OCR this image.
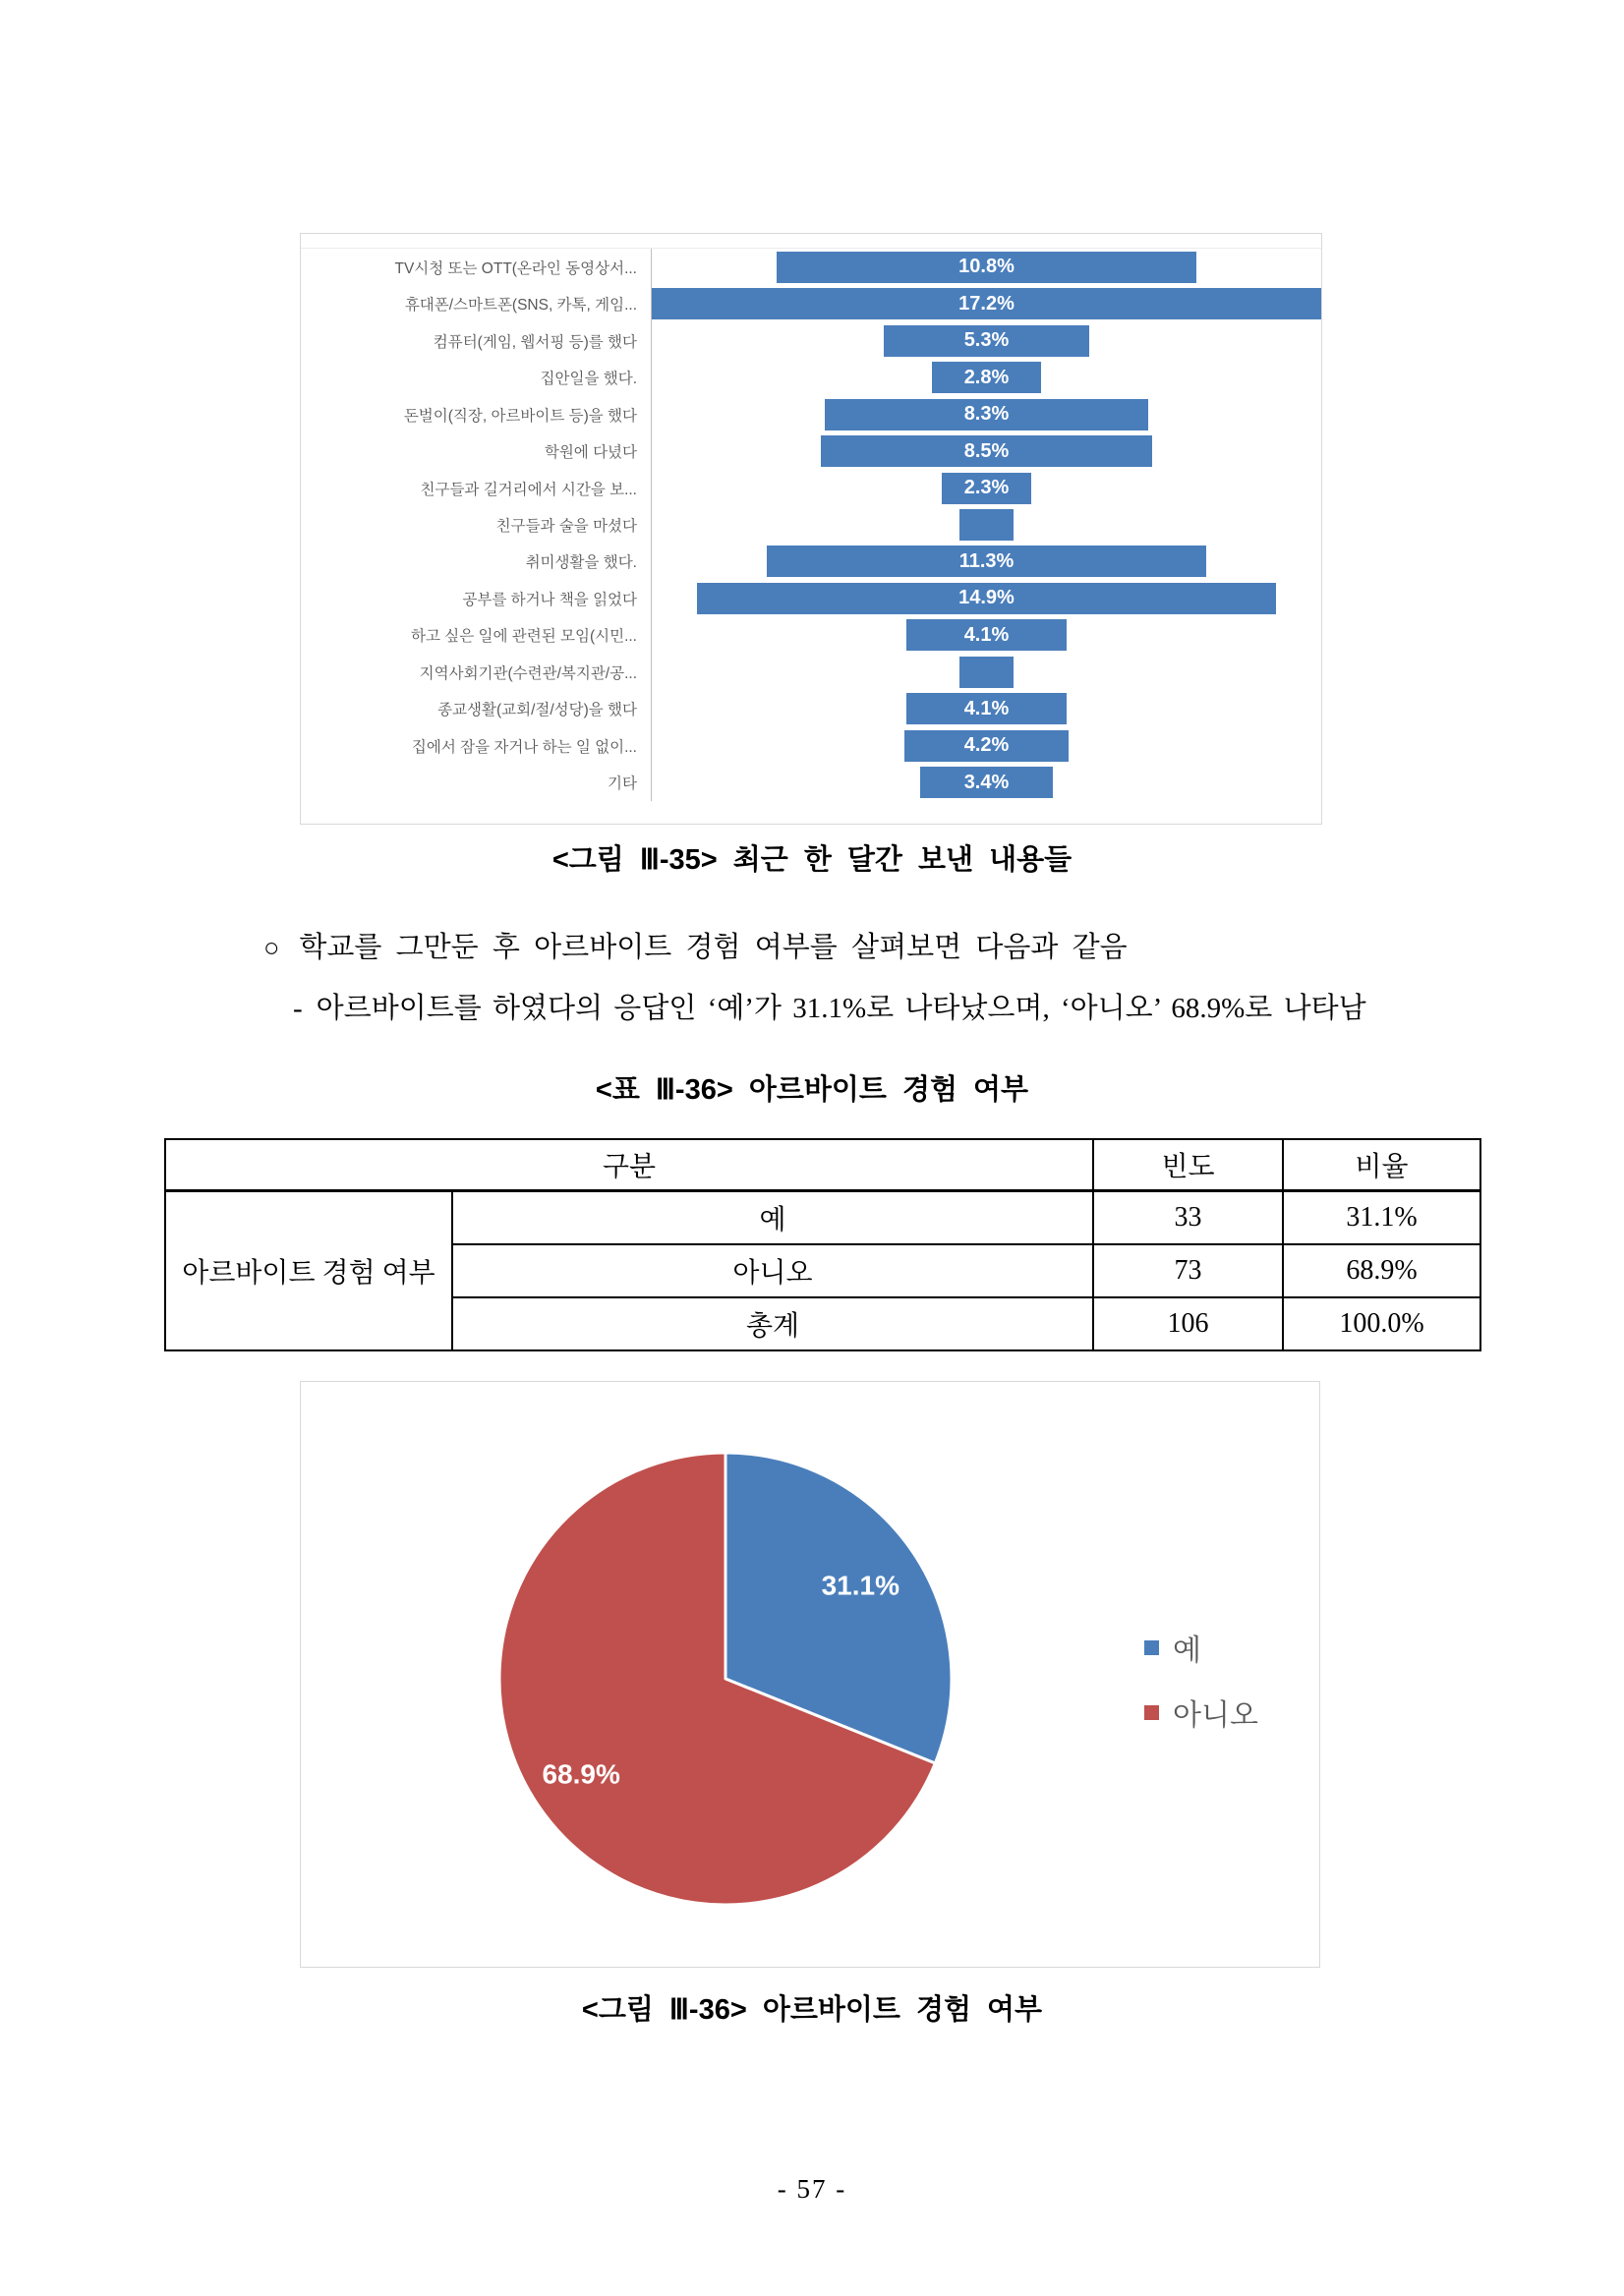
TV시청 또는 OTT(온라인 동영상서...	10.8%
휴대폰/스마트폰(SNS, 카톡, 게임...	17.2%
컴퓨터(게임, 웹서핑 등)를 했다	5.3%
집안일을 했다.	2.8%
돈벌이(직장, 아르바이트 등)을 했다	8.3%
학원에 다녔다	8.5%
친구들과 길거리에서 시간을 보...	2.3%
친구들과 술을 마셨다
취미생활을 했다.	11.3%
공부를 하거나 책을 읽었다	14.9%
하고 싶은 일에 관련된 모임(시민...	4.1%
지역사회기관(수련관/복지관/공...
종교생활(교회/절/성당)을 했다	4.1%
집에서 잠을 자거나 하는 일 없이...	4.2%
기타	3.4%
<그림 Ⅲ-35> 최근 한 달간 보낸 내용들
○ 학교를 그만둔 후 아르바이트 경험 여부를 살펴보면 다음과 같음
- 아르바이트를 하였다의 응답인 ‘예’가 31.1%로 나타났으며, ‘아니오’ 68.9%로 나타남
<표 Ⅲ-36> 아르바이트 경험 여부
구분		빈도	비율
아르바이트 경험 여부	예	33	31.1%
	아니오	73	68.9%
	총계	106	100.0%
31.1%
68.9%
예
아니오
<그림 Ⅲ-36> 아르바이트 경험 여부
- 57 -
